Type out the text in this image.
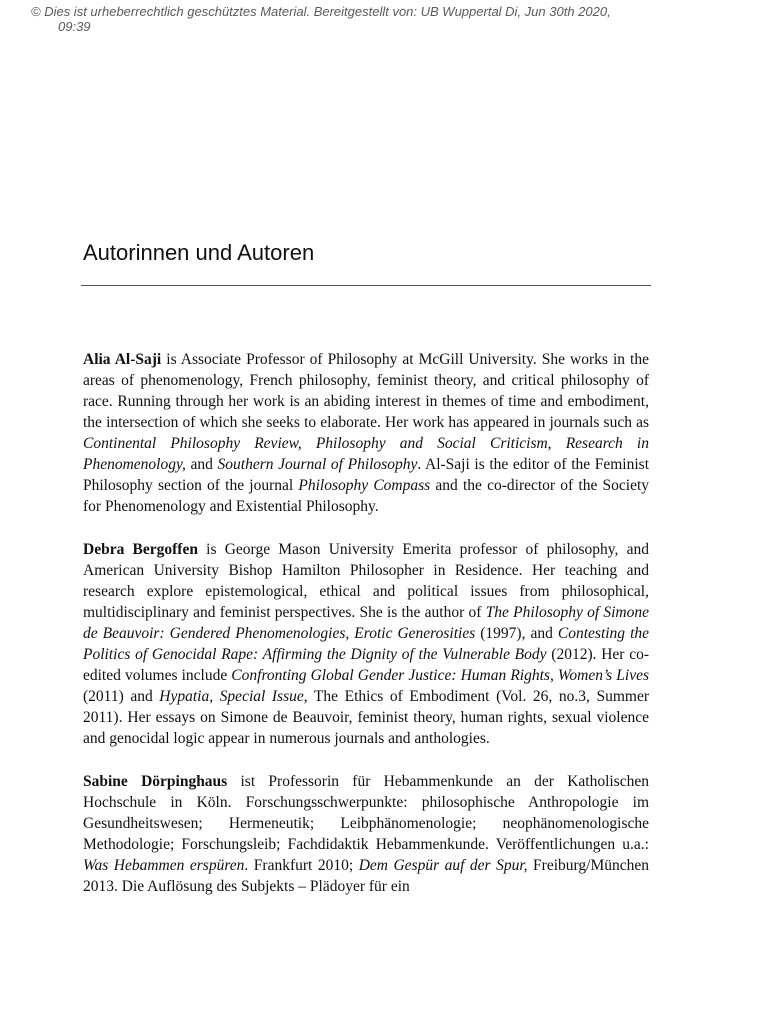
© Dies ist urheberrechtlich geschütztes Material. Bereitgestellt von: UB Wuppertal Di, Jun 30th 2020,
09:39
Autorinnen und Autoren

Alia Al-Saji is Associate Professor of Philosophy at McGill University. She works in the areas of phenomenology, French philosophy, feminist theory, and critical philosophy of race. Running through her work is an abiding interest in themes of time and embodiment, the intersection of which she seeks to elaborate. Her work has appeared in journals such as Continental Philosophy Review, Philosophy and Social Criticism, Research in Phenomenology, and Southern Journal of Philosophy. Al-Saji is the editor of the Feminist Philosophy section of the journal Philosophy Compass and the co-director of the Society for Phenomenology and Existential Philosophy.

Debra Bergoffen is George Mason University Emerita professor of philosophy, and American University Bishop Hamilton Philosopher in Residence. Her teaching and research explore epistemological, ethical and political issues from philosophical, multidisciplinary and feminist perspectives. She is the author of The Philosophy of Simone de Beauvoir: Gendered Phenomenologies, Erotic Generosities (1997), and Contesting the Politics of Genocidal Rape: Affirming the Dignity of the Vulnerable Body (2012). Her co-edited volumes include Confronting Global Gender Justice: Human Rights, Women’s Lives (2011) and Hypatia, Special Issue, The Ethics of Embodiment (Vol. 26, no.3, Summer 2011). Her essays on Simone de Beauvoir, feminist theory, human rights, sexual violence and genocidal logic appear in numerous journals and anthologies.

Sabine Dörpinghaus ist Professorin für Hebammenkunde an der Katholischen Hochschule in Köln. Forschungsschwerpunkte: philosophische Anthropologie im Gesundheitswesen; Hermeneutik; Leibphänomenologie; neophänomenologische Methodologie; Forschungsleib; Fachdidaktik Hebammenkunde. Veröffentlichungen u.a.: Was Hebammen erspüren. Frankfurt 2010; Dem Gespür auf der Spur, Freiburg/München 2013. Die Auflösung des Subjekts – Plädoyer für ein
